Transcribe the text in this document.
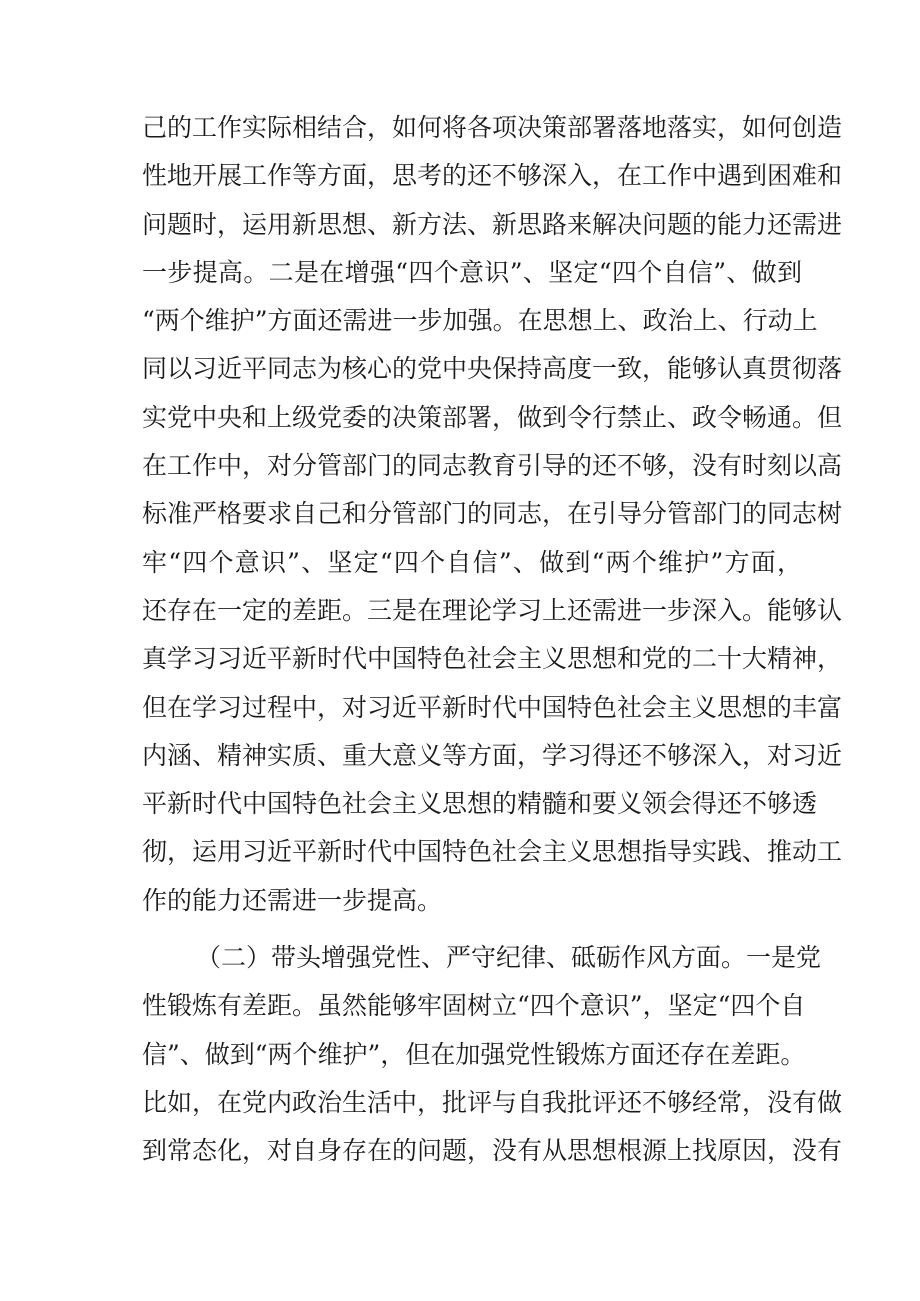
己的工作实际相结合，如何将各项决策部署落地落实，如何创造
性地开展工作等方面，思考的还不够深入，在工作中遇到困难和
问题时，运用新思想、新方法、新思路来解决问题的能力还需进
一步提高。二是在增强“四个意识”、坚定“四个自信”、做到
“两个维护”方面还需进一步加强。在思想上、政治上、行动上
同以习近平同志为核心的党中央保持高度一致，能够认真贯彻落
实党中央和上级党委的决策部署，做到令行禁止、政令畅通。但
在工作中，对分管部门的同志教育引导的还不够，没有时刻以高
标准严格要求自己和分管部门的同志，在引导分管部门的同志树
牢“四个意识”、坚定“四个自信”、做到“两个维护”方面，
还存在一定的差距。三是在理论学习上还需进一步深入。能够认
真学习习近平新时代中国特色社会主义思想和党的二十大精神，
但在学习过程中，对习近平新时代中国特色社会主义思想的丰富
内涵、精神实质、重大意义等方面，学习得还不够深入，对习近
平新时代中国特色社会主义思想的精髓和要义领会得还不够透
彻，运用习近平新时代中国特色社会主义思想指导实践、推动工
作的能力还需进一步提高。
（二）带头增强党性、严守纪律、砥砺作风方面。一是党
性锻炼有差距。虽然能够牢固树立“四个意识”，坚定“四个自
信”、做到“两个维护”，但在加强党性锻炼方面还存在差距。
比如，在党内政治生活中，批评与自我批评还不够经常，没有做
到常态化，对自身存在的问题，没有从思想根源上找原因，没有
